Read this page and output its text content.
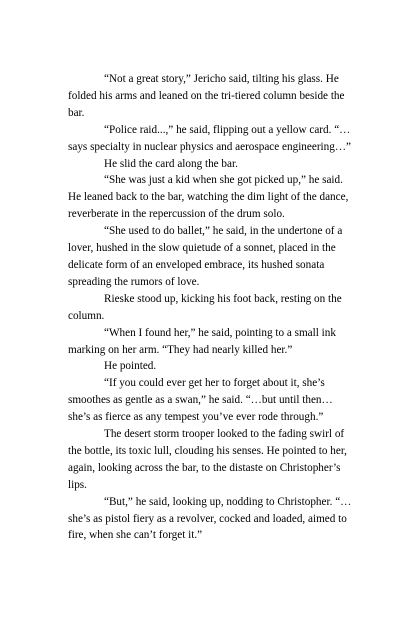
“Not a great story,” Jericho said, tilting his glass. He folded his arms and leaned on the tri-tiered column beside the bar.

“Police raid...,” he said, flipping out a yellow card. “…says specialty in nuclear physics and aerospace engineering…”

He slid the card along the bar.

“She was just a kid when she got picked up,” he said. He leaned back to the bar, watching the dim light of the dance, reverberate in the repercussion of the drum solo.

“She used to do ballet,” he said, in the undertone of a lover, hushed in the slow quietude of a sonnet, placed in the delicate form of an enveloped embrace, its hushed sonata spreading the rumors of love.

Rieske stood up, kicking his foot back, resting on the column.

“When I found her,” he said, pointing to a small ink marking on her arm. “They had nearly killed her.”

He pointed.

“If you could ever get her to forget about it, she’s smoothes as gentle as a swan,” he said. “…but until then… she’s as fierce as any tempest you’ve ever rode through.”

The desert storm trooper looked to the fading swirl of the bottle, its toxic lull, clouding his senses. He pointed to her, again, looking across the bar, to the distaste on Christopher’s lips.

“But,” he said, looking up, nodding to Christopher. “…she’s as pistol fiery as a revolver, cocked and loaded, aimed to fire, when she can’t forget it.”
